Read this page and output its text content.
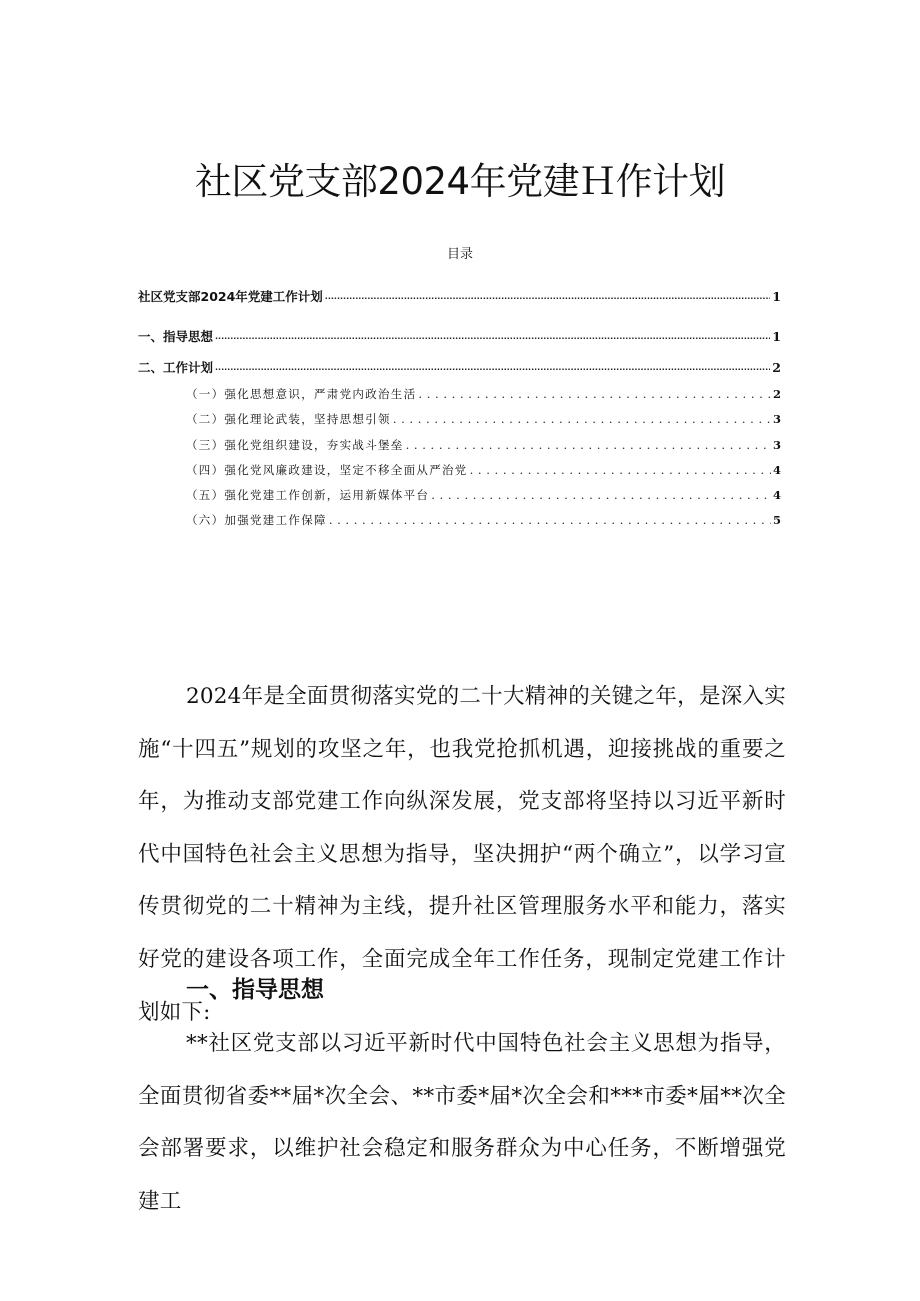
社区党支部2024年党建Ｈ作计划
目录
社区党支部2024年党建工作计划 .....	1
一、指导思想 .....	1
二、工作计划 .....	2
（一）强化思想意识，严肃党内政治生活 . . .	2
（二）强化理论武装，坚持思想引领 . . .	3
（三）强化党组织建设，夯实战斗堡垒 . . .	3
（四）强化党风廉政建设，坚定不移全面从严治党 . . .	4
（五）强化党建工作创新，运用新媒体平台 . . .	4
（六）加强党建工作保障 . . .	5

2024年是全面贯彻落实党的二十大精神的关键之年，是深入实施“十四五”规划的攻坚之年，也我党抢抓机遇，迎接挑战的重要之年，为推动支部党建工作向纵深发展，党支部将坚持以习近平新时代中国特色社会主义思想为指导，坚决拥护“两个确立”，以学习宣传贯彻党的二十精神为主线，提升社区管理服务水平和能力，落实好党的建设各项工作，全面完成全年工作任务，现制定党建工作计划如下:

一、指导思想

**社区党支部以习近平新时代中国特色社会主义思想为指导，全面贯彻省委**届*次全会、**市委*届*次全会和***市委*届**次全会部署要求，以维护社会稳定和服务群众为中心任务，不断增强党建工
